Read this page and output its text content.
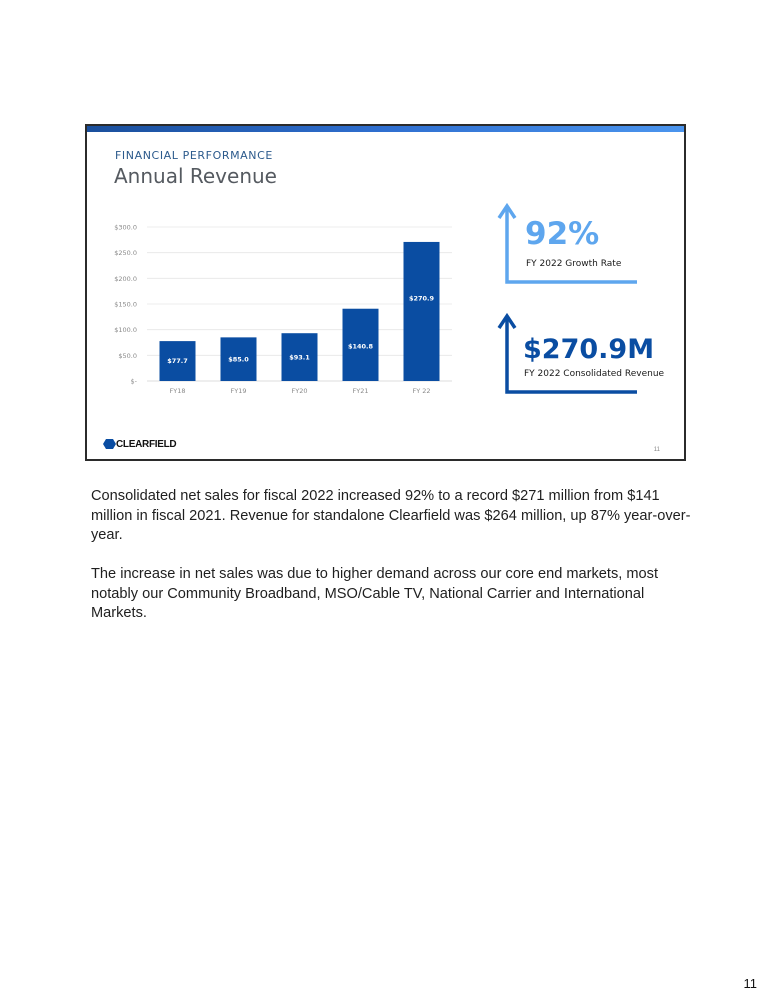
FINANCIAL PERFORMANCE
Annual Revenue
$-
$50.0
$100.0
$150.0
$200.0
$250.0
$300.0
$77.7	$85.0	$93.1
$140.8
$270.9
FY18	FY19	FY20	FY21	FY 22
92%
FY 2022 Growth Rate
$270.9M
FY 2022 Consolidated Revenue
CLEARFIELD
11
Consolidated net sales for fiscal 2022 increased 92% to a record $271 million from $141 million in fiscal 2021. Revenue for standalone Clearfield was $264 million, up 87% year-over-year.
The increase in net sales was due to higher demand across our core end markets, most notably our Community Broadband, MSO/Cable TV, National Carrier and International Markets.
11
